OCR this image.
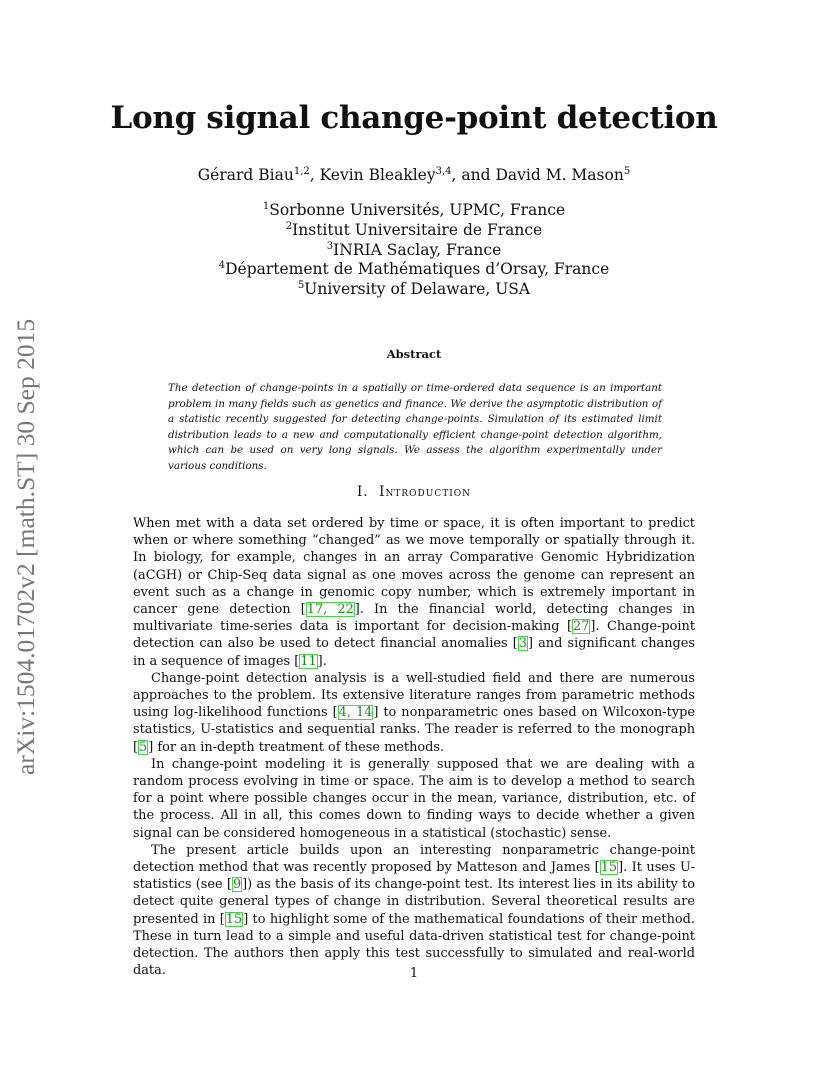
arXiv:1504.01702v2 [math.ST] 30 Sep 2015
Long signal change-point detection
Gérard Biau$^{1,2}$, Kevin Bleakley$^{3,4}$, and David M. Mason$^5$
$^1$Sorbonne Universités, UPMC, France
$^2$Institut Universitaire de France
$^3$INRIA Saclay, France
$^4$Département de Mathématiques d’Orsay, France
$^5$University of Delaware, USA
Abstract
The detection of change-points in a spatially or time-ordered data sequence is an important problem in many fields such as genetics and finance. We derive the asymptotic distribution of a statistic recently suggested for detecting change-points. Simulation of its estimated limit distribution leads to a new and computationally efficient change-point detection algorithm, which can be used on very long signals. We assess the algorithm experimentally under various conditions.
I. Introduction

When met with a data set ordered by time or space, it is often important to predict when or where something “changed” as we move temporally or spatially through it. In biology, for example, changes in an array Comparative Genomic Hybridization (aCGH) or Chip-Seq data signal as one moves across the genome can represent an event such as a change in genomic copy number, which is extremely important in cancer gene detection [17, 22]. In the financial world, detecting changes in multivariate time-series data is important for decision-making [27]. Change-point detection can also be used to detect financial anomalies [3] and significant changes in a sequence of images [11].

Change-point detection analysis is a well-studied field and there are numerous approaches to the problem. Its extensive literature ranges from parametric methods using log-likelihood functions [4, 14] to nonparametric ones based on Wilcoxon-type statistics, U-statistics and sequential ranks. The reader is referred to the monograph [5] for an in-depth treatment of these methods.

In change-point modeling it is generally supposed that we are dealing with a random process evolving in time or space. The aim is to develop a method to search for a point where possible changes occur in the mean, variance, distribution, etc. of the process. All in all, this comes down to finding ways to decide whether a given signal can be considered homogeneous in a statistical (stochastic) sense.

The present article builds upon an interesting nonparametric change-point detection method that was recently proposed by Matteson and James [15]. It uses U-statistics (see [9]) as the basis of its change-point test. Its interest lies in its ability to detect quite general types of change in distribution. Several theoretical results are presented in [15] to highlight some of the mathematical foundations of their method. These in turn lead to a simple and useful data-driven statistical test for change-point detection. The authors then apply this test successfully to simulated and real-world data.	1
